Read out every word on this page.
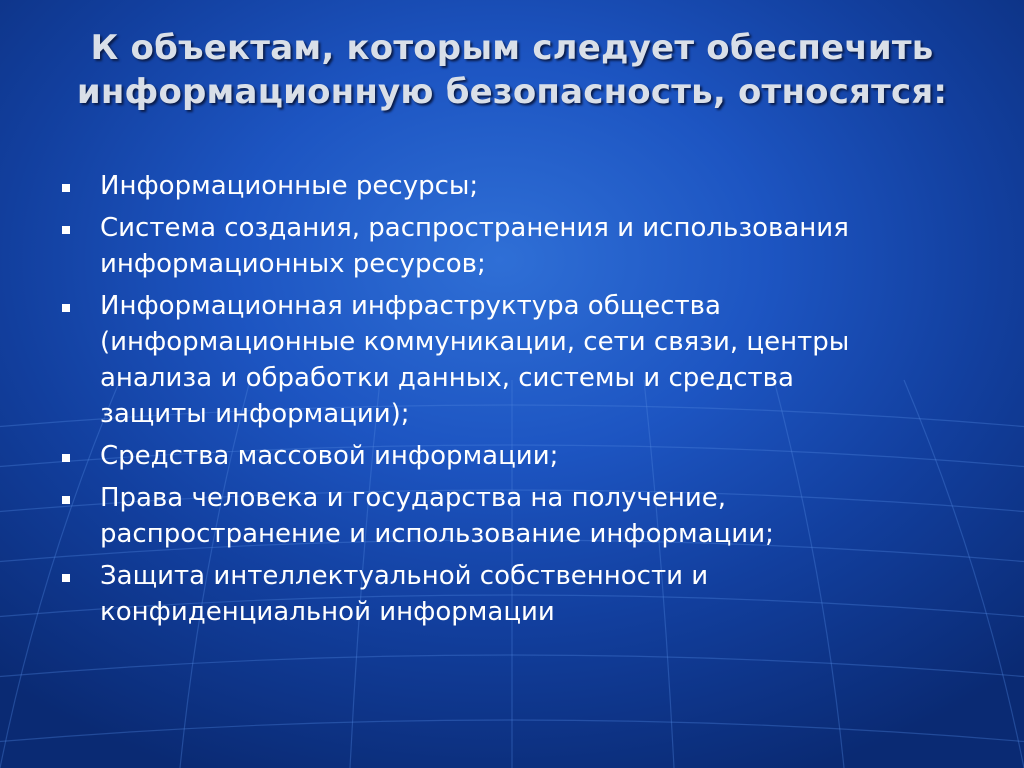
К объектам, которым следует обеспечить
информационную безопасность, относятся:
Информационные ресурсы;
Система создания, распространения и использования
информационных ресурсов;
Информационная инфраструктура общества
(информационные коммуникации, сети связи, центры
анализа и обработки данных, системы и средства
защиты информации);
Средства массовой информации;
Права человека и государства на получение,
распространение и использование информации;
Защита интеллектуальной собственности и
конфиденциальной информации
